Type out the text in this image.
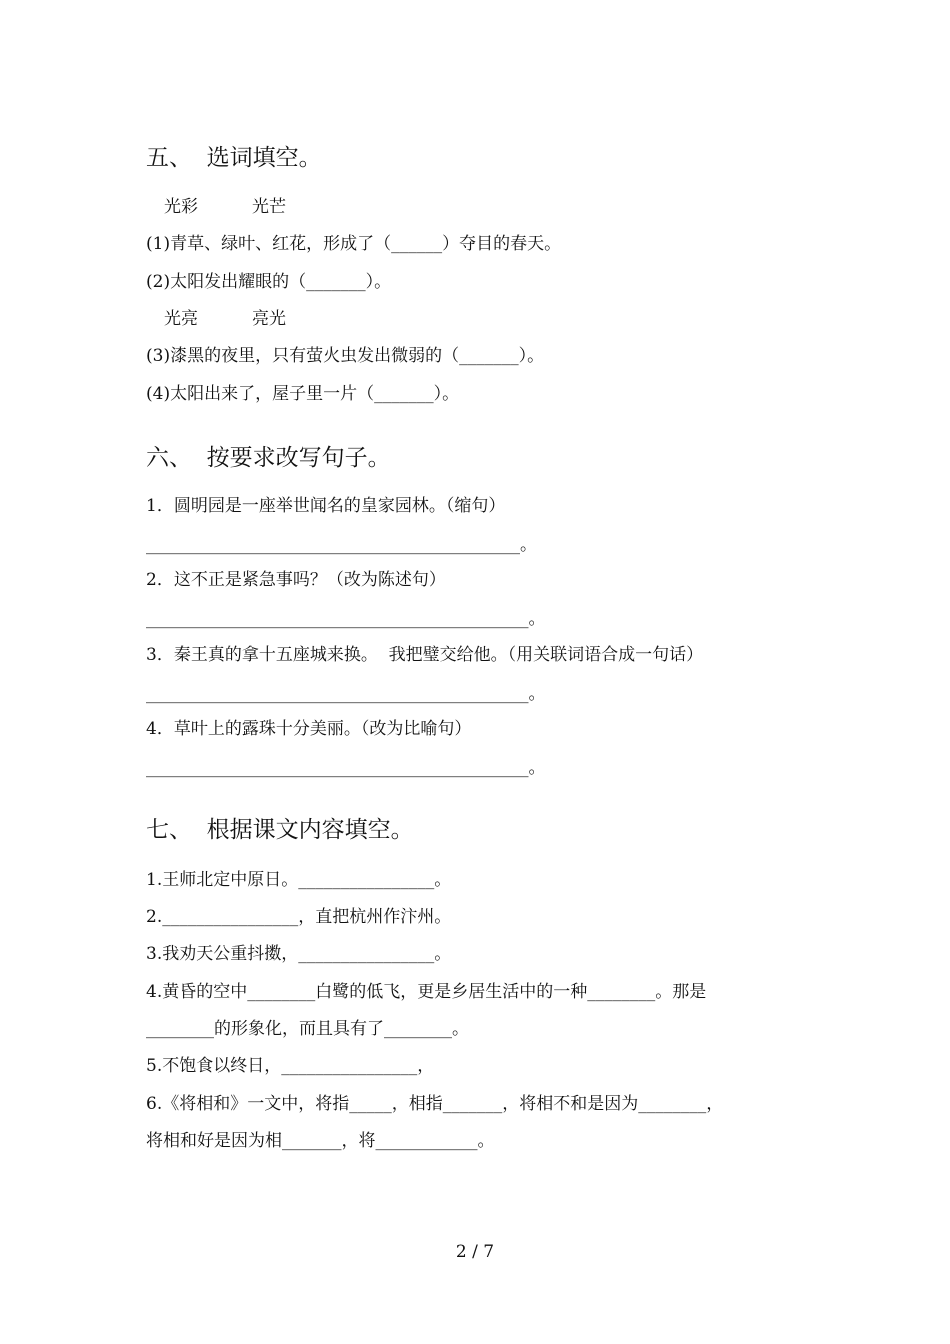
五、  选词填空。
光彩          光芒
(1)青草、绿叶、红花，形成了（______）夺目的春天。
(2)太阳发出耀眼的（_______）。
光亮          亮光
(3)漆黑的夜里，只有萤火虫发出微弱的（_______）。
(4)太阳出来了，屋子里一片（_______）。
六、  按要求改写句子。
1．圆明园是一座举世闻名的皇家园林。（缩句）
____________________________________________。
2．这不正是紧急事吗？（改为陈述句）
_____________________________________________。
3．秦王真的拿十五座城来换。  我把璧交给他。（用关联词语合成一句话）
_____________________________________________。
4．草叶上的露珠十分美丽。（改为比喻句）
_____________________________________________。
七、  根据课文内容填空。
1.王师北定中原日。________________。
2.________________，直把杭州作汴州。
3.我劝天公重抖擞，________________。
4.黄昏的空中________白鹭的低飞，更是乡居生活中的一种________。那是
________的形象化，而且具有了________。
5.不饱食以终日，________________，
6.《将相和》一文中，将指_____，相指_______，将相不和是因为________，
将相和好是因为相_______，将____________。
2 / 7
